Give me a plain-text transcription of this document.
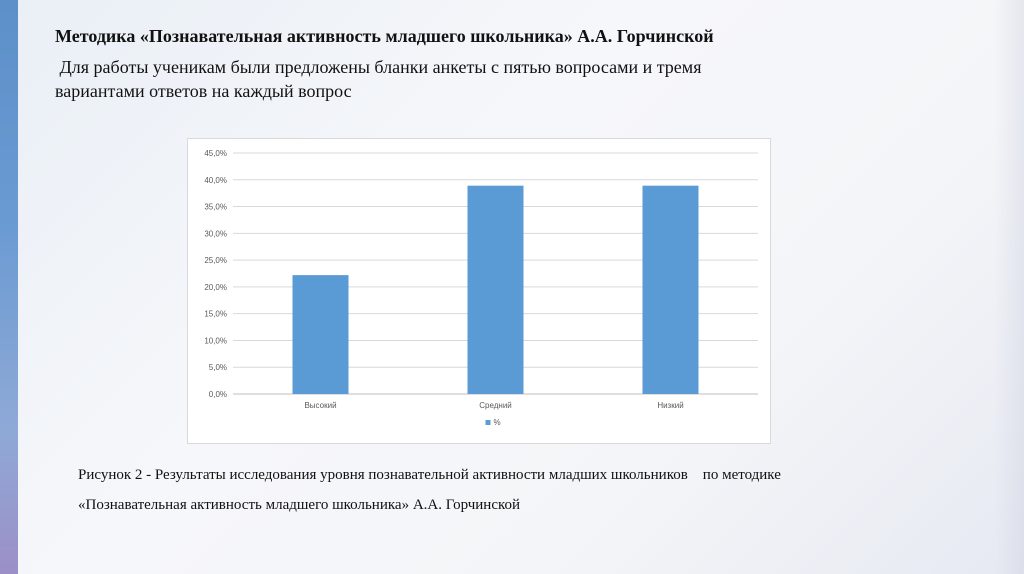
Методика «Познавательная активность младшего школьника» А.А. Горчинской
Для работы ученикам были предложены бланки анкеты с пятью вопросами и тремя
вариантами ответов на каждый вопрос
0,0%
5,0%
10,0%
15,0%
20,0%
25,0%
30,0%
35,0%
40,0%
45,0%
Высокий	Средний	Низкий
%
Рисунок 2 - Результаты исследования уровня познавательной активности младших школьников    по методике
«Познавательная активность младшего школьника» А.А. Горчинской
